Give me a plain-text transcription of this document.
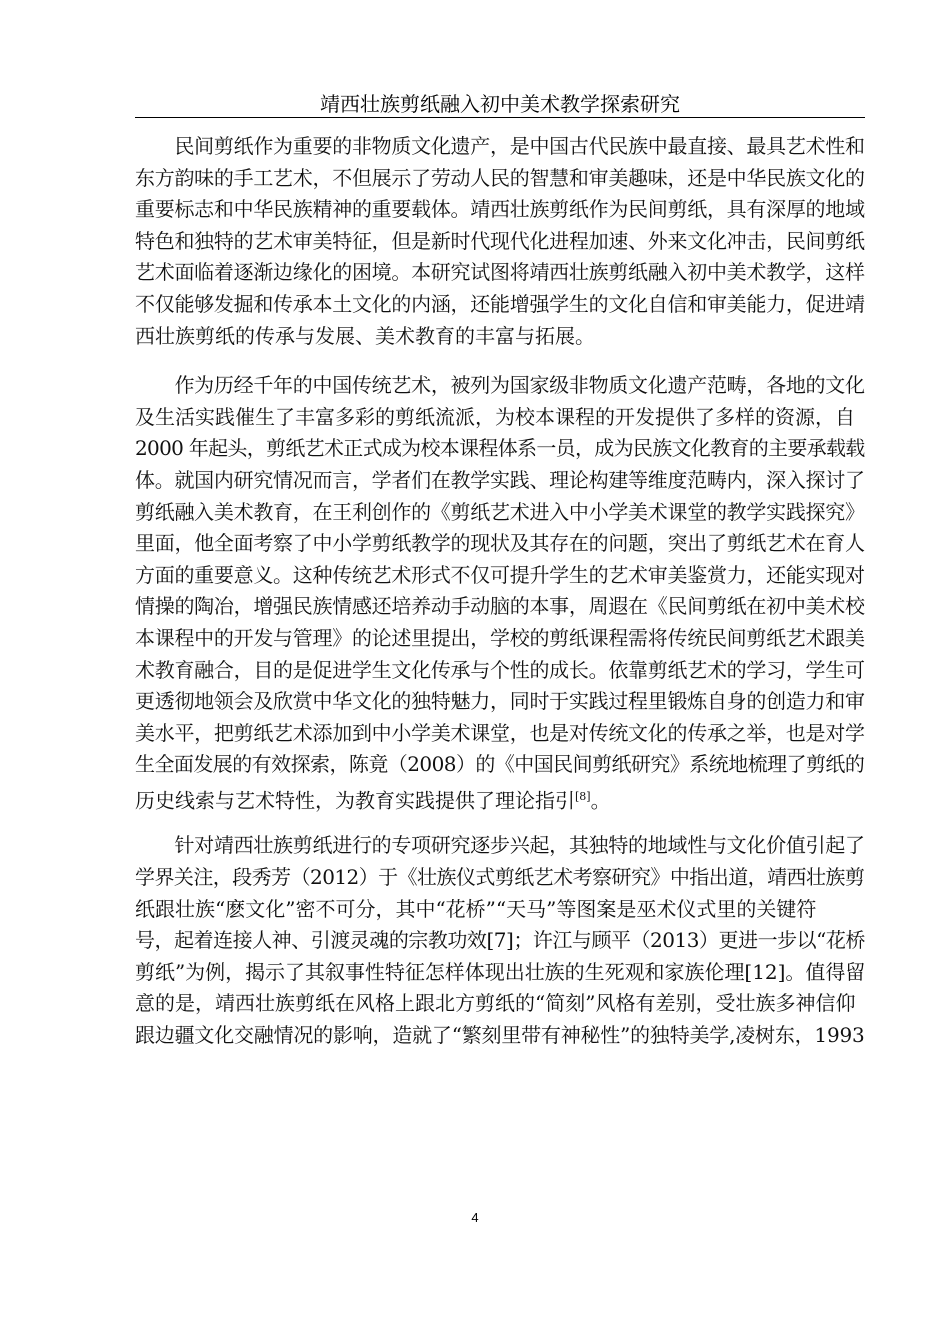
靖西壮族剪纸融入初中美术教学探索研究
　　民间剪纸作为重要的非物质文化遗产，是中国古代民族中最直接、最具艺术性和
东方韵味的手工艺术，不但展示了劳动人民的智慧和审美趣味，还是中华民族文化的
重要标志和中华民族精神的重要载体。靖西壮族剪纸作为民间剪纸，具有深厚的地域
特色和独特的艺术审美特征，但是新时代现代化进程加速、外来文化冲击，民间剪纸
艺术面临着逐渐边缘化的困境。本研究试图将靖西壮族剪纸融入初中美术教学，这样
不仅能够发掘和传承本土文化的内涵，还能增强学生的文化自信和审美能力，促进靖
西壮族剪纸的传承与发展、美术教育的丰富与拓展。
　　作为历经千年的中国传统艺术，被列为国家级非物质文化遗产范畴，各地的文化
及生活实践催生了丰富多彩的剪纸流派，为校本课程的开发提供了多样的资源，自
2000 年起头，剪纸艺术正式成为校本课程体系一员，成为民族文化教育的主要承载载
体。就国内研究情况而言，学者们在教学实践、理论构建等维度范畴内，深入探讨了
剪纸融入美术教育，在王利创作的《剪纸艺术进入中小学美术课堂的教学实践探究》
里面，他全面考察了中小学剪纸教学的现状及其存在的问题，突出了剪纸艺术在育人
方面的重要意义。这种传统艺术形式不仅可提升学生的艺术审美鉴赏力，还能实现对
情操的陶冶，增强民族情感还培养动手动脑的本事，周遐在《民间剪纸在初中美术校
本课程中的开发与管理》的论述里提出，学校的剪纸课程需将传统民间剪纸艺术跟美
术教育融合，目的是促进学生文化传承与个性的成长。依靠剪纸艺术的学习，学生可
更透彻地领会及欣赏中华文化的独特魅力，同时于实践过程里锻炼自身的创造力和审
美水平，把剪纸艺术添加到中小学美术课堂，也是对传统文化的传承之举，也是对学
生全面发展的有效探索，陈竟（2008）的《中国民间剪纸研究》系统地梳理了剪纸的
历史线索与艺术特性，为教育实践提供了理论指引[8]。
　　针对靖西壮族剪纸进行的专项研究逐步兴起，其独特的地域性与文化价值引起了
学界关注，段秀芳（2012）于《壮族仪式剪纸艺术考察研究》中指出道，靖西壮族剪
纸跟壮族“麽文化”密不可分，其中“花桥”“天马”等图案是巫术仪式里的关键符
号，起着连接人神、引渡灵魂的宗教功效[7]；许江与顾平（2013）更进一步以“花桥
剪纸”为例，揭示了其叙事性特征怎样体现出壮族的生死观和家族伦理[12]。值得留
意的是，靖西壮族剪纸在风格上跟北方剪纸的“简刻”风格有差别，受壮族多神信仰
跟边疆文化交融情况的影响，造就了“繁刻里带有神秘性”的独特美学,凌树东，1993
4
